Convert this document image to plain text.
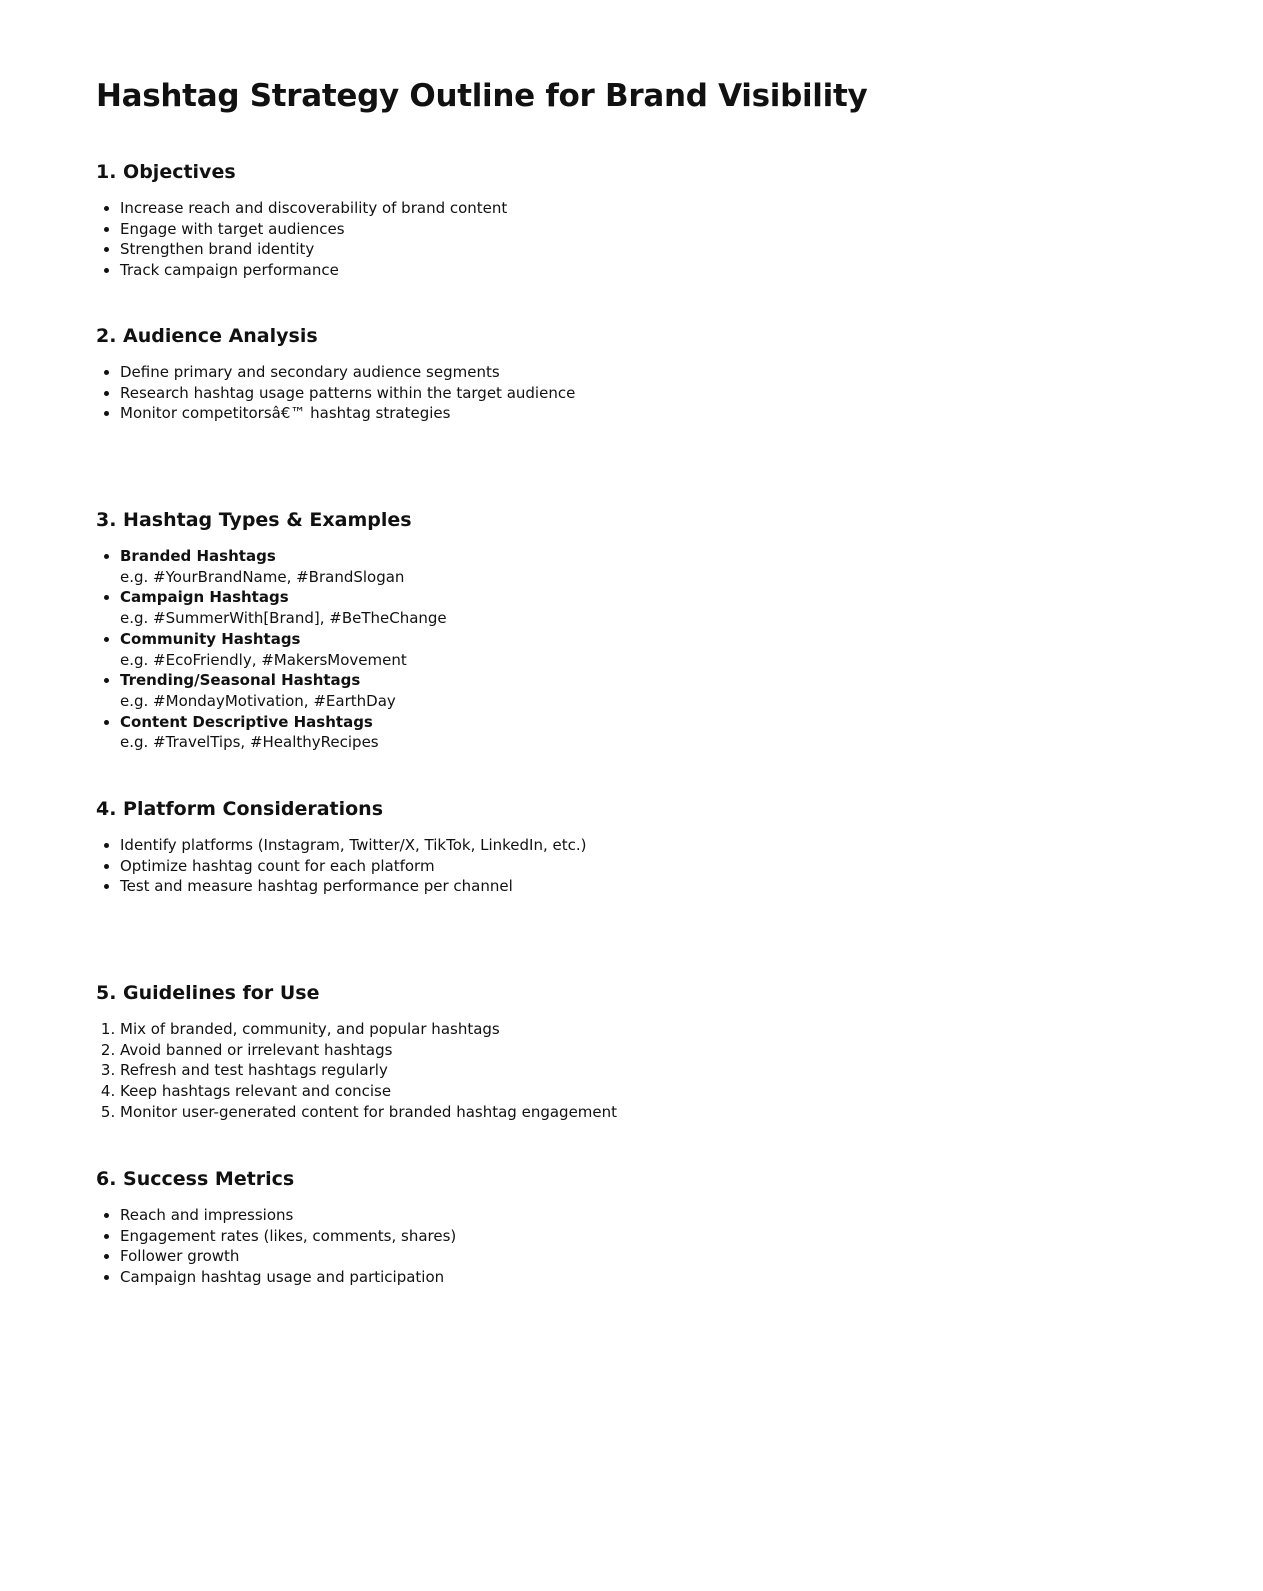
Hashtag Strategy Outline for Brand Visibility
1. Objectives
• Increase reach and discoverability of brand content
• Engage with target audiences
• Strengthen brand identity
• Track campaign performance
2. Audience Analysis
• Define primary and secondary audience segments
• Research hashtag usage patterns within the target audience
• Monitor competitorsâ€™ hashtag strategies
3. Hashtag Types & Examples
• Branded Hashtags
e.g. #YourBrandName, #BrandSlogan
• Campaign Hashtags
e.g. #SummerWith[Brand], #BeTheChange
• Community Hashtags
e.g. #EcoFriendly, #MakersMovement
• Trending/Seasonal Hashtags
e.g. #MondayMotivation, #EarthDay
• Content Descriptive Hashtags
e.g. #TravelTips, #HealthyRecipes
4. Platform Considerations
• Identify platforms (Instagram, Twitter/X, TikTok, LinkedIn, etc.)
• Optimize hashtag count for each platform
• Test and measure hashtag performance per channel
5. Guidelines for Use
1. Mix of branded, community, and popular hashtags
2. Avoid banned or irrelevant hashtags
3. Refresh and test hashtags regularly
4. Keep hashtags relevant and concise
5. Monitor user-generated content for branded hashtag engagement
6. Success Metrics
• Reach and impressions
• Engagement rates (likes, comments, shares)
• Follower growth
• Campaign hashtag usage and participation
